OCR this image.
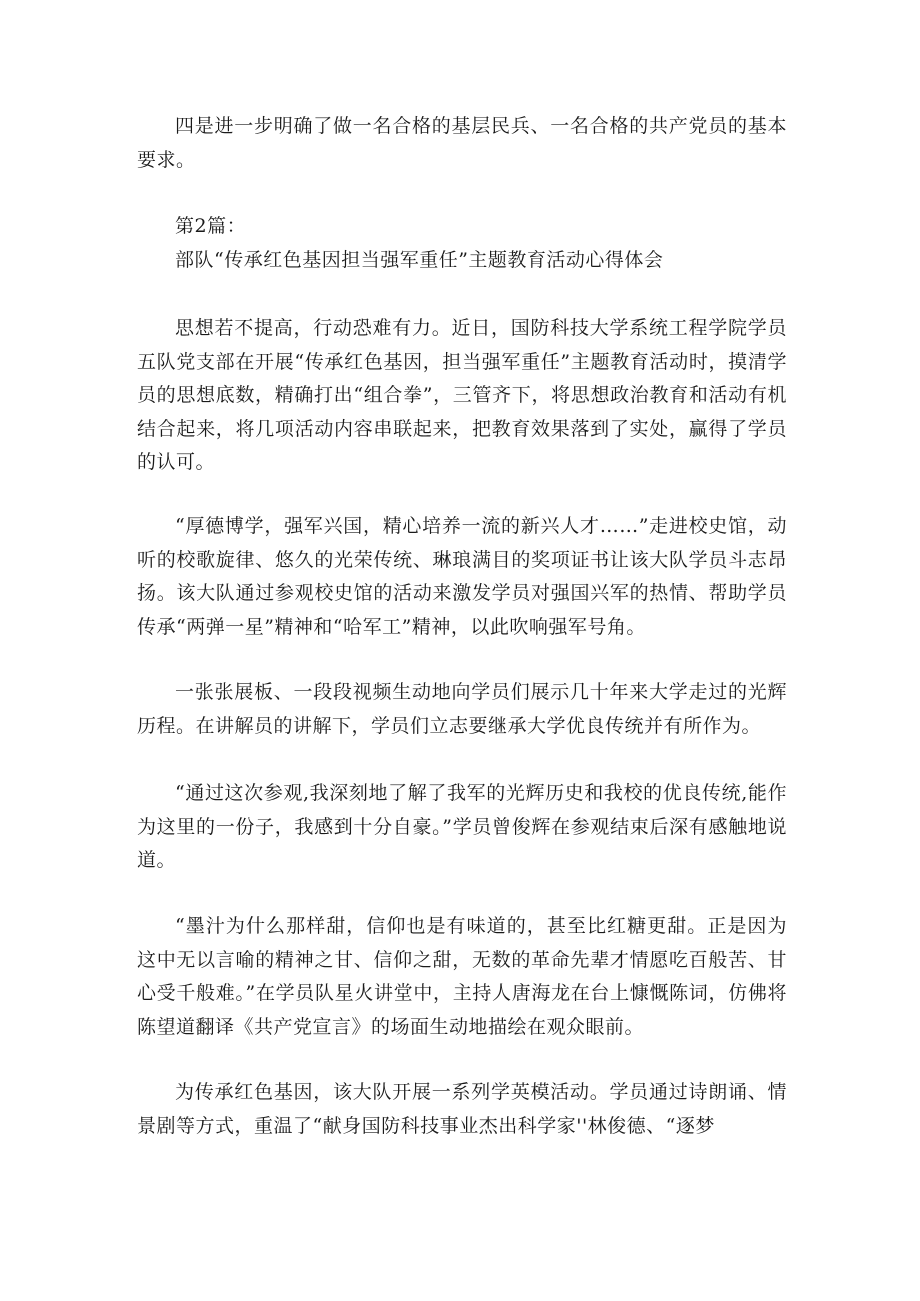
四是进一步明确了做一名合格的基层民兵、一名合格的共产党员的基本要求。

第2篇：

部队“传承红色基因担当强军重任”主题教育活动心得体会

思想若不提高，行动恐难有力。近日，国防科技大学系统工程学院学员五队党支部在开展“传承红色基因，担当强军重任”主题教育活动时，摸清学员的思想底数，精确打出“组合拳”，三管齐下，将思想政治教育和活动有机结合起来，将几项活动内容串联起来，把教育效果落到了实处，赢得了学员的认可。

“厚德博学，强军兴国，精心培养一流的新兴人才……”走进校史馆，动听的校歌旋律、悠久的光荣传统、琳琅满目的奖项证书让该大队学员斗志昂扬。该大队通过参观校史馆的活动来激发学员对强国兴军的热情、帮助学员传承“两弹一星”精神和“哈军工”精神，以此吹响强军号角。

一张张展板、一段段视频生动地向学员们展示几十年来大学走过的光辉历程。在讲解员的讲解下，学员们立志要继承大学优良传统并有所作为。

“通过这次参观,我深刻地了解了我军的光辉历史和我校的优良传统,能作为这里的一份子，我感到十分自豪。”学员曾俊辉在参观结束后深有感触地说道。

“墨汁为什么那样甜，信仰也是有味道的，甚至比红糖更甜。正是因为这中无以言喻的精神之甘、信仰之甜，无数的革命先辈才情愿吃百般苦、甘心受千般难。”在学员队星火讲堂中，主持人唐海龙在台上慷慨陈词，仿佛将陈望道翻译《共产党宣言》的场面生动地描绘在观众眼前。

为传承红色基因，该大队开展一系列学英模活动。学员通过诗朗诵、情景剧等方式，重温了“献身国防科技事业杰出科学家''林俊德、“逐梦
